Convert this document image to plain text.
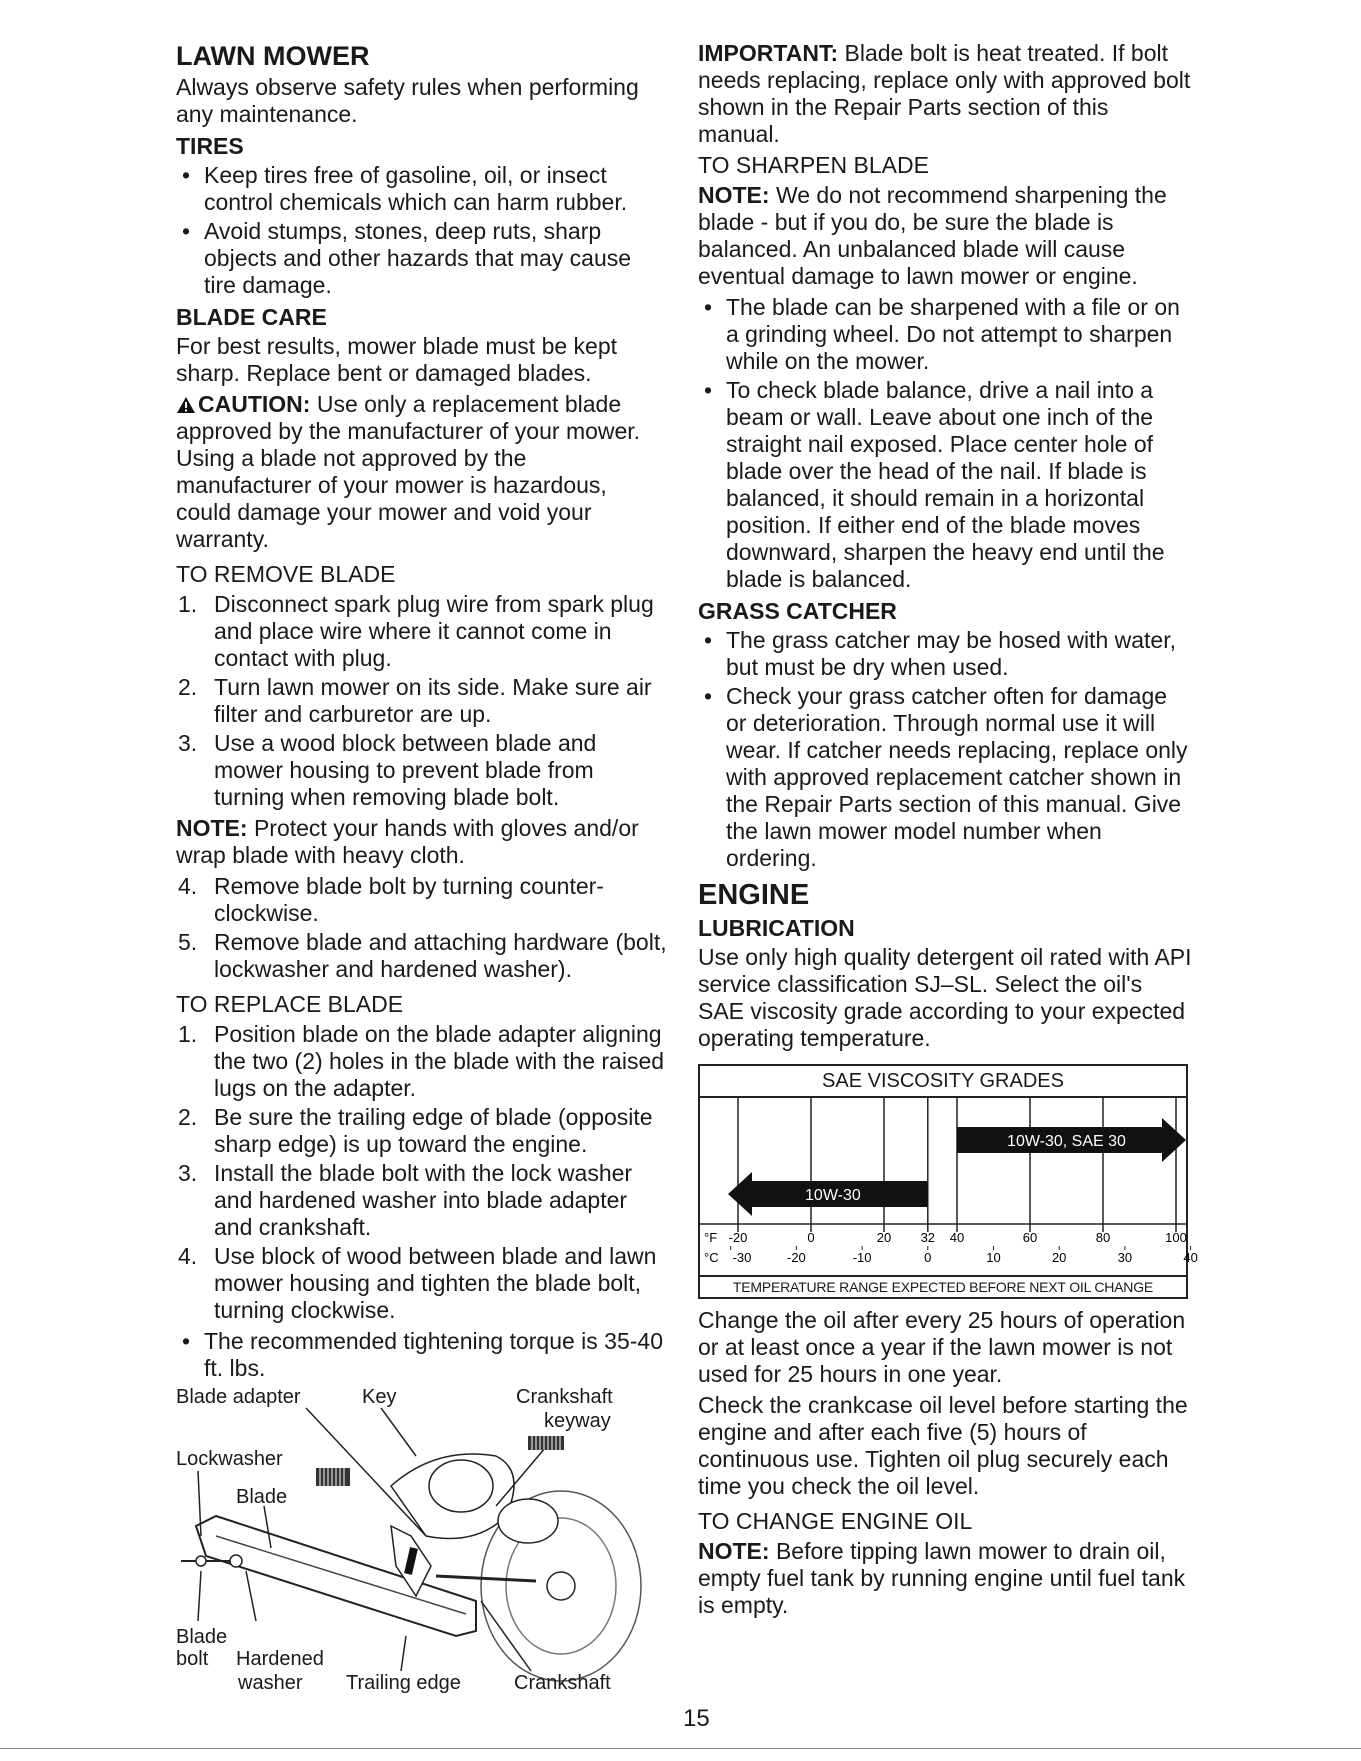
LAWN MOWER

Always observe safety rules when performing any maintenance.

TIRES
• Keep tires free of gasoline, oil, or insect control chemicals which can harm rubber.
• Avoid stumps, stones, deep ruts, sharp objects and other hazards that may cause tire damage.
BLADE CARE

For best results, mower blade must be kept sharp. Replace bent or damaged blades.

CAUTION: Use only a replacement blade approved by the manufacturer of your mower. Using a blade not approved by the manufacturer of your mower is hazardous, could damage your mower and void your warranty.

TO REMOVE BLADE
1. Disconnect spark plug wire from spark plug and place wire where it cannot come in contact with plug.
2. Turn lawn mower on its side. Make sure air filter and carburetor are up.
3. Use a wood block between blade and mower housing to prevent blade from turning when removing blade bolt.

NOTE: Protect your hands with gloves and/or wrap blade with heavy cloth.

4. Remove blade bolt by turning counter-clockwise.
5. Remove blade and attaching hardware (bolt, lockwasher and hardened washer).
TO REPLACE BLADE
1. Position blade on the blade adapter aligning the two (2) holes in the blade with the raised lugs on the adapter.
2. Be sure the trailing edge of blade (opposite sharp edge) is up toward the engine.
3. Install the blade bolt with the lock washer and hardened washer into blade adapter and crankshaft.
4. Use block of wood between blade and lawn mower housing and tighten the blade bolt, turning clockwise.
• The recommended tightening torque is 35-40 ft. lbs.
Blade adapter	Key	Crankshaft
keyway
Lockwasher
Blade
Blade
bolt Hardened
washer Trailing edge	Crankshaft

IMPORTANT: Blade bolt is heat treated. If bolt needs replacing, replace only with approved bolt shown in the Repair Parts section of this manual.

TO SHARPEN BLADE

NOTE: We do not recommend sharpening the blade - but if you do, be sure the blade is balanced. An unbalanced blade will cause eventual damage to lawn mower or engine.

• The blade can be sharpened with a file or on a grinding wheel. Do not attempt to sharpen while on the mower.
• To check blade balance, drive a nail into a beam or wall. Leave about one inch of the straight nail exposed. Place center hole of blade over the head of the nail. If blade is balanced, it should remain in a horizontal position. If either end of the blade moves downward, sharpen the heavy end until the blade is balanced.
GRASS CATCHER
• The grass catcher may be hosed with water, but must be dry when used.
• Check your grass catcher often for damage or deterioration. Through normal use it will wear. If catcher needs replacing, replace only with approved replacement catcher shown in the Repair Parts section of this manual. Give the lawn mower model number when ordering.
ENGINE
LUBRICATION

Use only high quality detergent oil rated with API service classification SJ–SL. Select the oil's SAE viscosity grade according to your expected operating temperature.

SAE VISCOSITY GRADES
10W-30, SAE 30
10W-30
°F
°C
-20	0	20 32 40	60	80	100
-30	-20	-10	0	10	20	30	40
TEMPERATURE RANGE EXPECTED BEFORE NEXT OIL CHANGE

Change the oil after every 25 hours of operation or at least once a year if the lawn mower is not used for 25 hours in one year.

Check the crankcase oil level before starting the engine and after each five (5) hours of continuous use. Tighten oil plug securely each time you check the oil level.

TO CHANGE ENGINE OIL

NOTE: Before tipping lawn mower to drain oil, empty fuel tank by running engine until fuel tank is empty.

15
